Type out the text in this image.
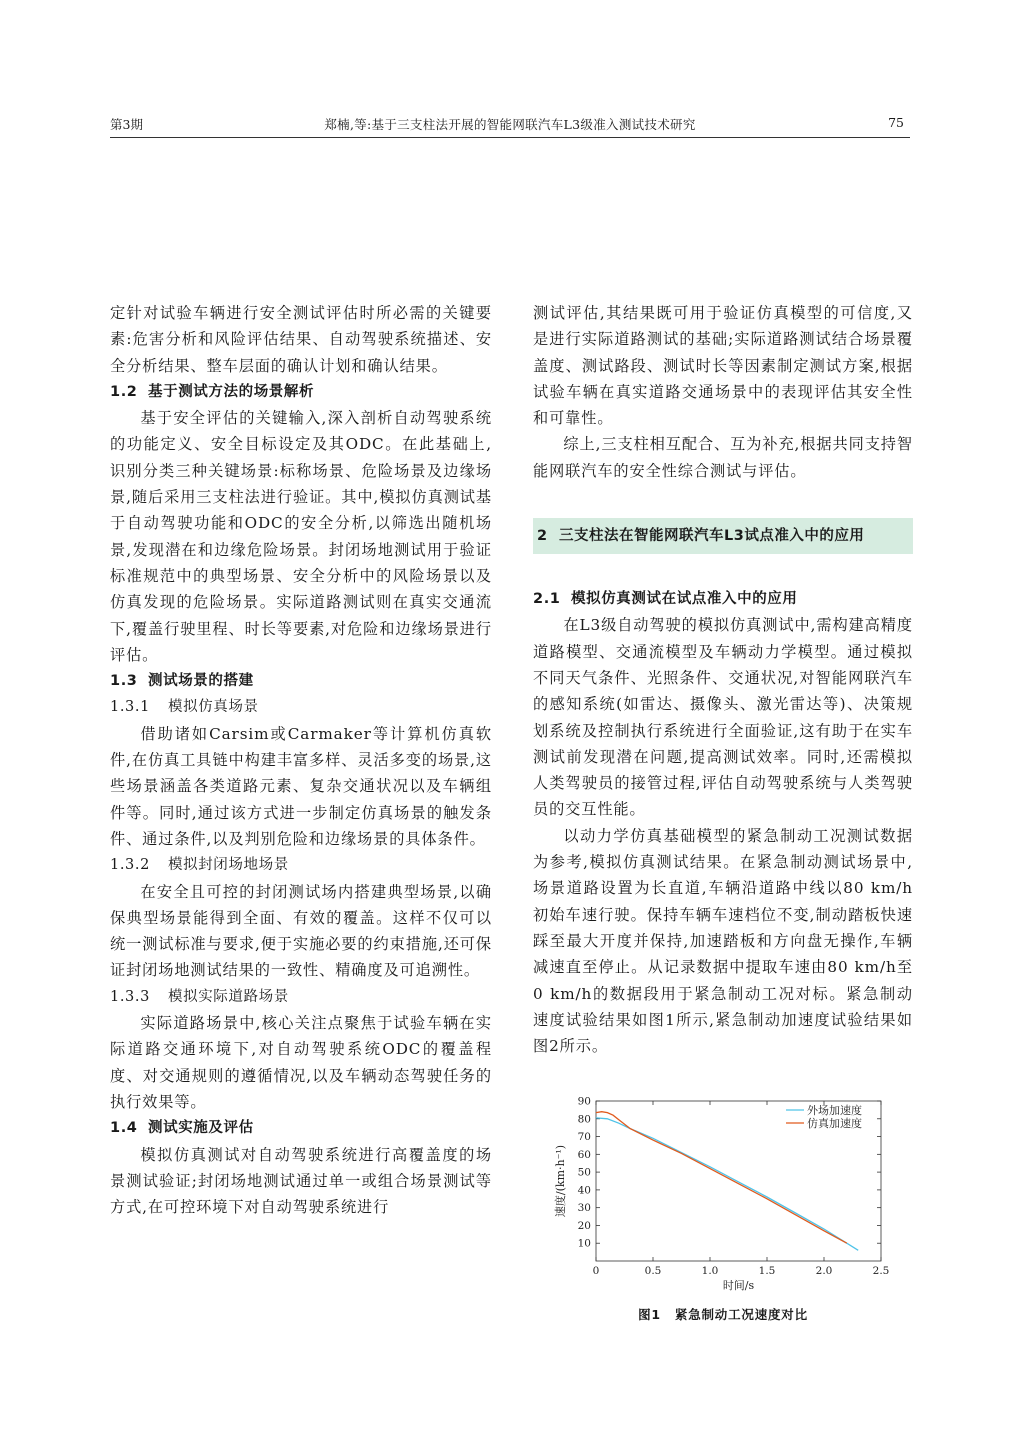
第3期	郑楠,等:基于三支柱法开展的智能网联汽车L3级准入测试技术研究	75

定针对试验车辆进行安全测试评估时所必需的关键要素:危害分析和风险评估结果、自动驾驶系统描述、安全分析结果、整车层面的确认计划和确认结果。

1.2 基于测试方法的场景解析

基于安全评估的关键输入,深入剖析自动驾驶系统的功能定义、安全目标设定及其ODC。在此基础上,识别分类三种关键场景:标称场景、危险场景及边缘场景,随后采用三支柱法进行验证。其中,模拟仿真测试基于自动驾驶功能和ODC的安全分析,以筛选出随机场景,发现潜在和边缘危险场景。封闭场地测试用于验证标准规范中的典型场景、安全分析中的风险场景以及仿真发现的危险场景。实际道路测试则在真实交通流下,覆盖行驶里程、时长等要素,对危险和边缘场景进行评估。

1.3 测试场景的搭建
1.3.1 模拟仿真场景

借助诸如Carsim或Carmaker等计算机仿真软件,在仿真工具链中构建丰富多样、灵活多变的场景,这些场景涵盖各类道路元素、复杂交通状况以及车辆组件等。同时,通过该方式进一步制定仿真场景的触发条件、通过条件,以及判别危险和边缘场景的具体条件。

1.3.2 模拟封闭场地场景

在安全且可控的封闭测试场内搭建典型场景,以确保典型场景能得到全面、有效的覆盖。这样不仅可以统一测试标准与要求,便于实施必要的约束措施,还可保证封闭场地测试结果的一致性、精确度及可追溯性。

1.3.3 模拟实际道路场景

实际道路场景中,核心关注点聚焦于试验车辆在实际道路交通环境下,对自动驾驶系统ODC的覆盖程度、对交通规则的遵循情况,以及车辆动态驾驶任务的执行效果等。

1.4 测试实施及评估

模拟仿真测试对自动驾驶系统进行高覆盖度的场景测试验证;封闭场地测试通过单一或组合场景测试等方式,在可控环境下对自动驾驶系统进行

测试评估,其结果既可用于验证仿真模型的可信度,又是进行实际道路测试的基础;实际道路测试结合场景覆盖度、测试路段、测试时长等因素制定测试方案,根据试验车辆在真实道路交通场景中的表现评估其安全性和可靠性。

综上,三支柱相互配合、互为补充,根据共同支持智能网联汽车的安全性综合测试与评估。

2 三支柱法在智能网联汽车L3试点准入中的应用
2.1 模拟仿真测试在试点准入中的应用

在L3级自动驾驶的模拟仿真测试中,需构建高精度道路模型、交通流模型及车辆动力学模型。通过模拟不同天气条件、光照条件、交通状况,对智能网联汽车的感知系统(如雷达、摄像头、激光雷达等)、决策规划系统及控制执行系统进行全面验证,这有助于在实车测试前发现潜在问题,提高测试效率。同时,还需模拟人类驾驶员的接管过程,评估自动驾驶系统与人类驾驶员的交互性能。

以动力学仿真基础模型的紧急制动工况测试数据为参考,模拟仿真测试结果。在紧急制动测试场景中,场景道路设置为长直道,车辆沿道路中线以80 km/h初始车速行驶。保持车辆车速档位不变,制动踏板快速踩至最大开度并保持,加速踏板和方向盘无操作,车辆减速直至停止。从记录数据中提取车速由80 km/h至0 km/h的数据段用于紧急制动工况对标。紧急制动速度试验结果如图1所示,紧急制动加速度试验结果如图2所示。

0	0.5	1.0	1.5	2.0	2.5
10
20
30
40
50
60
70
80
90
时间/s
速度/(km·h⁻¹)
外场加速度
仿真加速度
图1 紧急制动工况速度对比
